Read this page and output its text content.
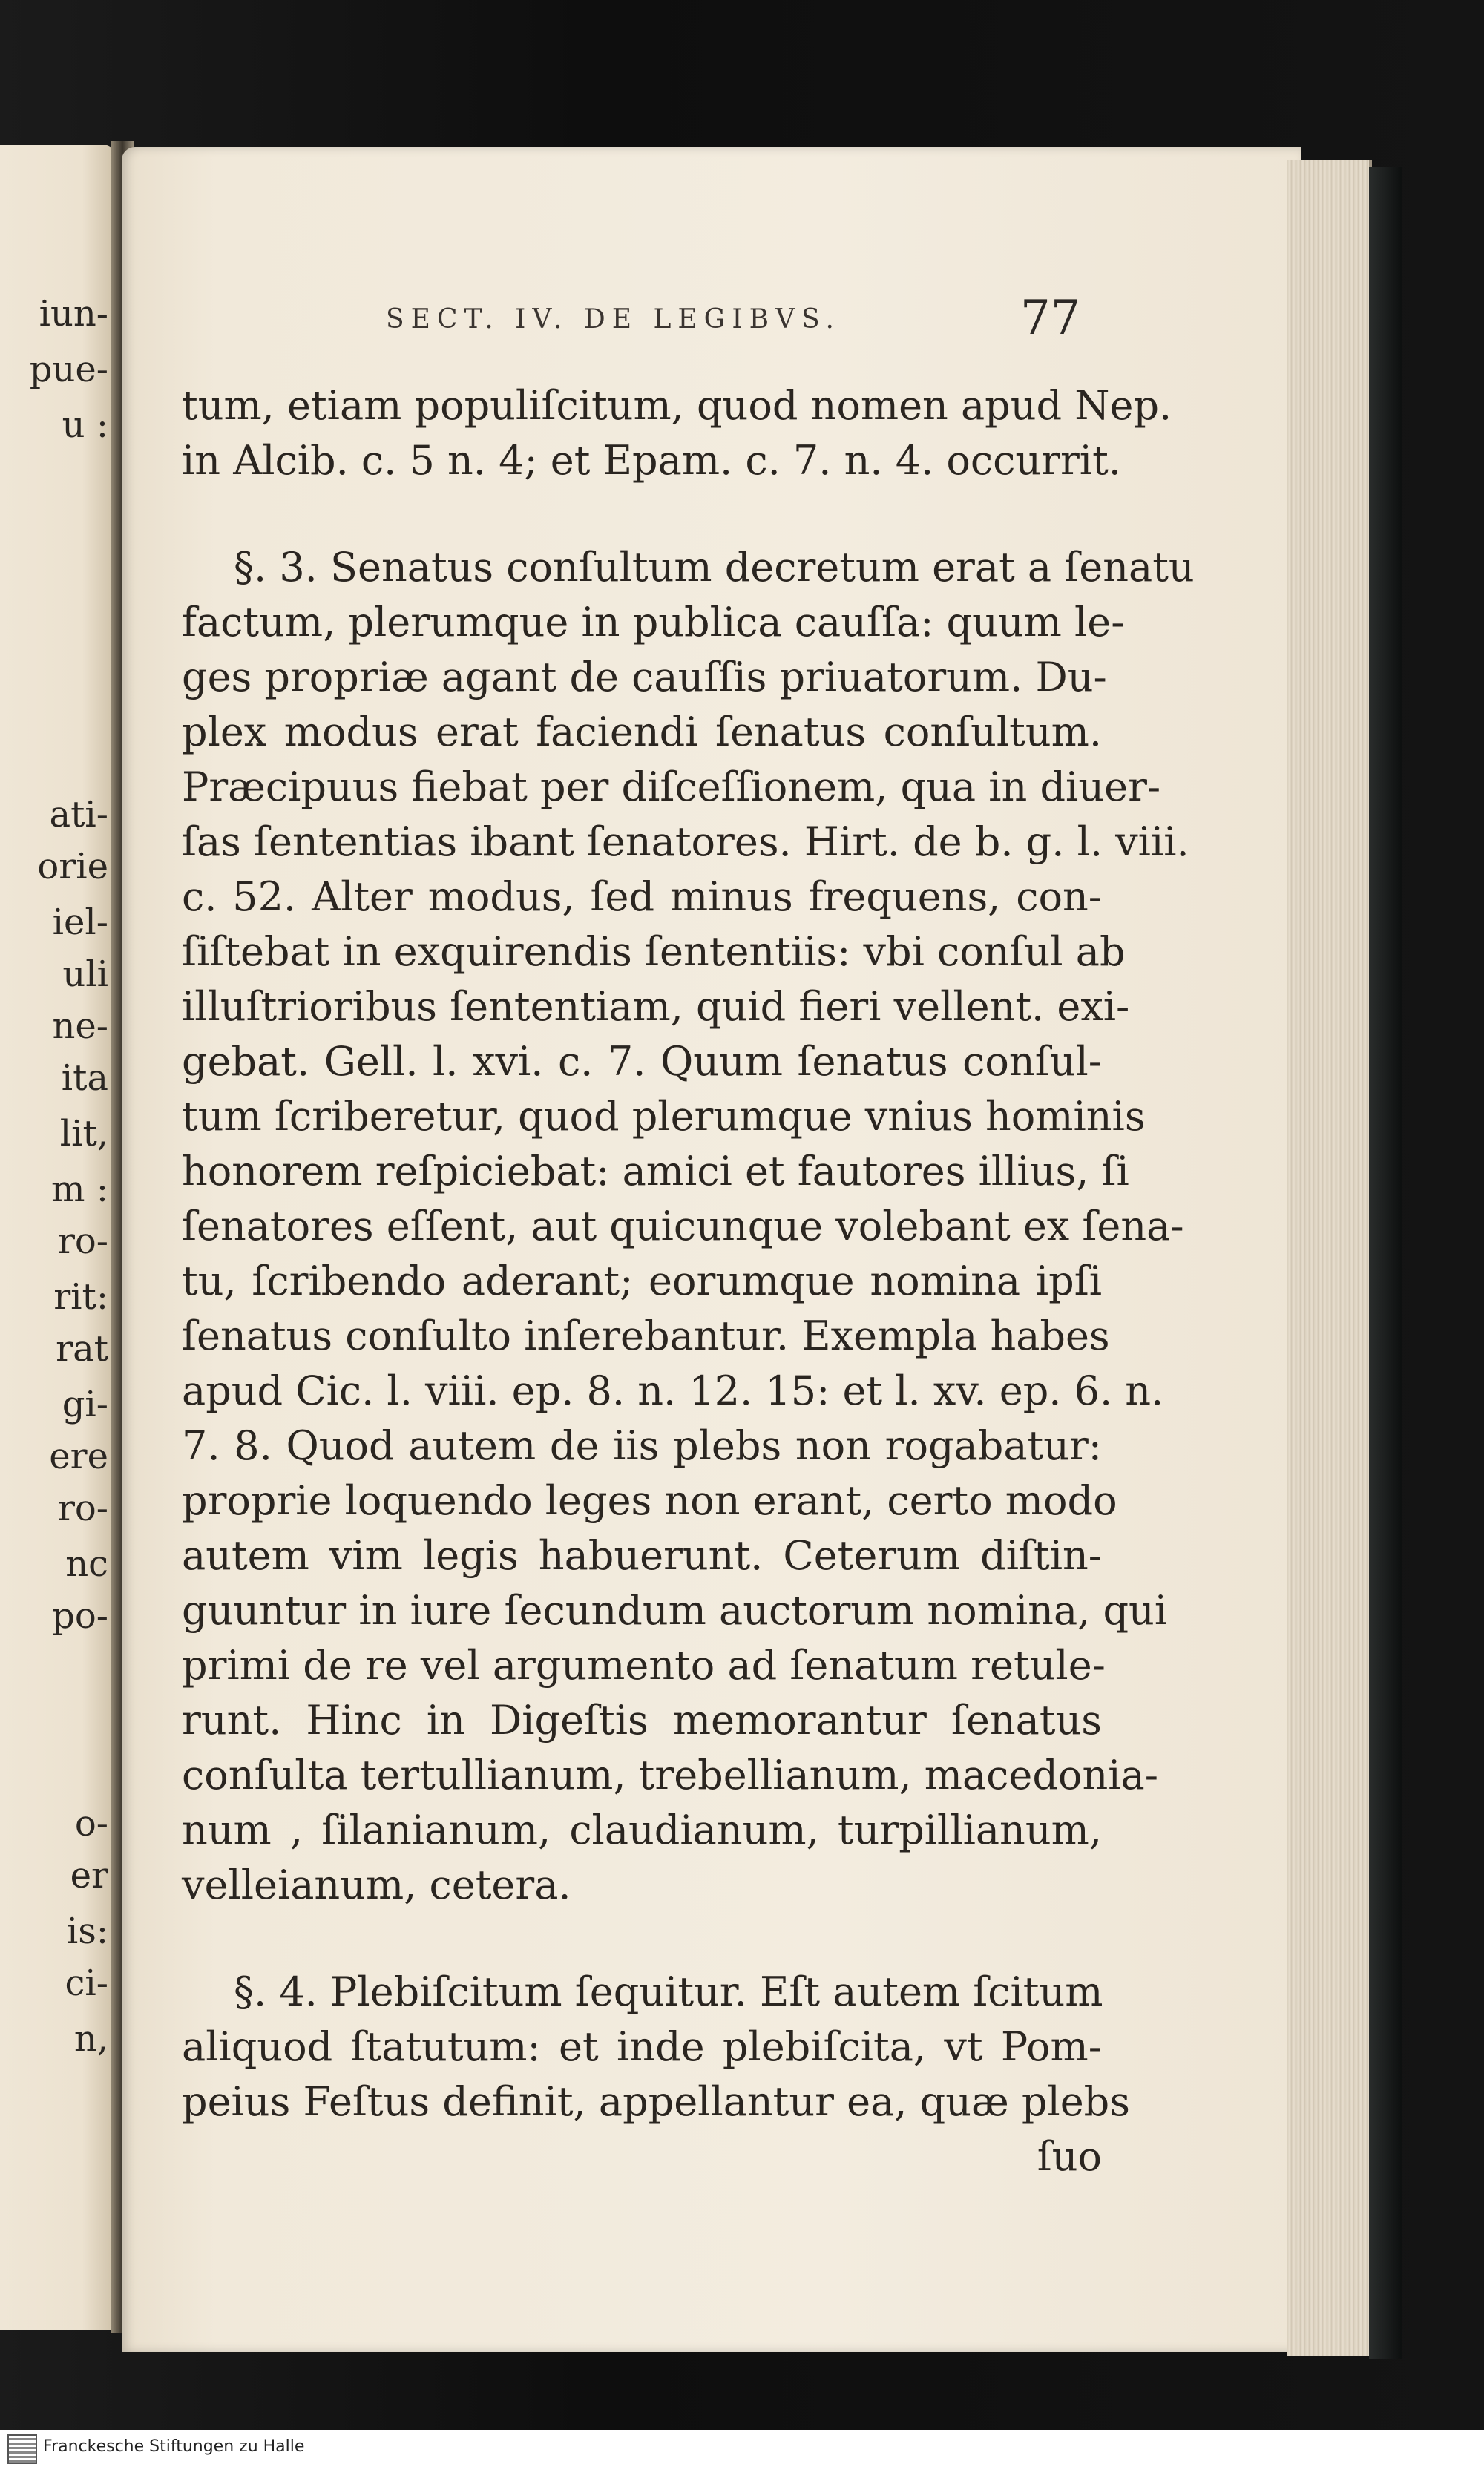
iun-
pue-
u :
ati-
orie
iel-
uli
ne-
ita
lit,
m :
ro-
rit:
rat
gi-
ere
ro-
nc
po-
o-
er
is:
ci-
n,
SECT. IV. DE LEGIBVS.	77
tum, etiam populiſcitum, quod nomen apud Nep.
in Alcib. c. 5 n. 4; et Epam. c. 7. n. 4. occurrit.
§. 3. Senatus conſultum decretum erat a ſenatu
factum, plerumque in publica cauſſa: quum le-
ges propriæ agant de cauſſis priuatorum. Du-
plex modus erat faciendi ſenatus conſultum.
Præcipuus fiebat per diſceſſionem, qua in diuer-
ſas ſententias ibant ſenatores. Hirt. de b. g. l. viii.
c. 52. Alter modus, ſed minus frequens, con-
ſiſtebat in exquirendis ſententiis: vbi conſul ab
illuſtrioribus ſententiam, quid fieri vellent. exi-
gebat. Gell. l. xvi. c. 7. Quum ſenatus conſul-
tum ſcriberetur, quod plerumque vnius hominis
honorem reſpiciebat: amici et fautores illius, ſi
ſenatores eſſent, aut quicunque volebant ex ſena-
tu, ſcribendo aderant; eorumque nomina ipſi
ſenatus conſulto inſerebantur. Exempla habes
apud Cic. l. viii. ep. 8. n. 12. 15: et l. xv. ep. 6. n.
7. 8. Quod autem de iis plebs non rogabatur:
proprie loquendo leges non erant, certo modo
autem vim legis habuerunt. Ceterum diſtin-
guuntur in iure ſecundum auctorum nomina, qui
primi de re vel argumento ad ſenatum retule-
runt. Hinc in Digeſtis memorantur ſenatus
conſulta tertullianum, trebellianum, macedonia-
num , ſilanianum, claudianum, turpillianum,
velleianum, cetera.
§. 4. Plebiſcitum ſequitur. Eſt autem ſcitum
aliquod ſtatutum: et inde plebiſcita, vt Pom-
peius Feſtus definit, appellantur ea, quæ plebs
ſuo
Franckesche Stiftungen zu Halle
